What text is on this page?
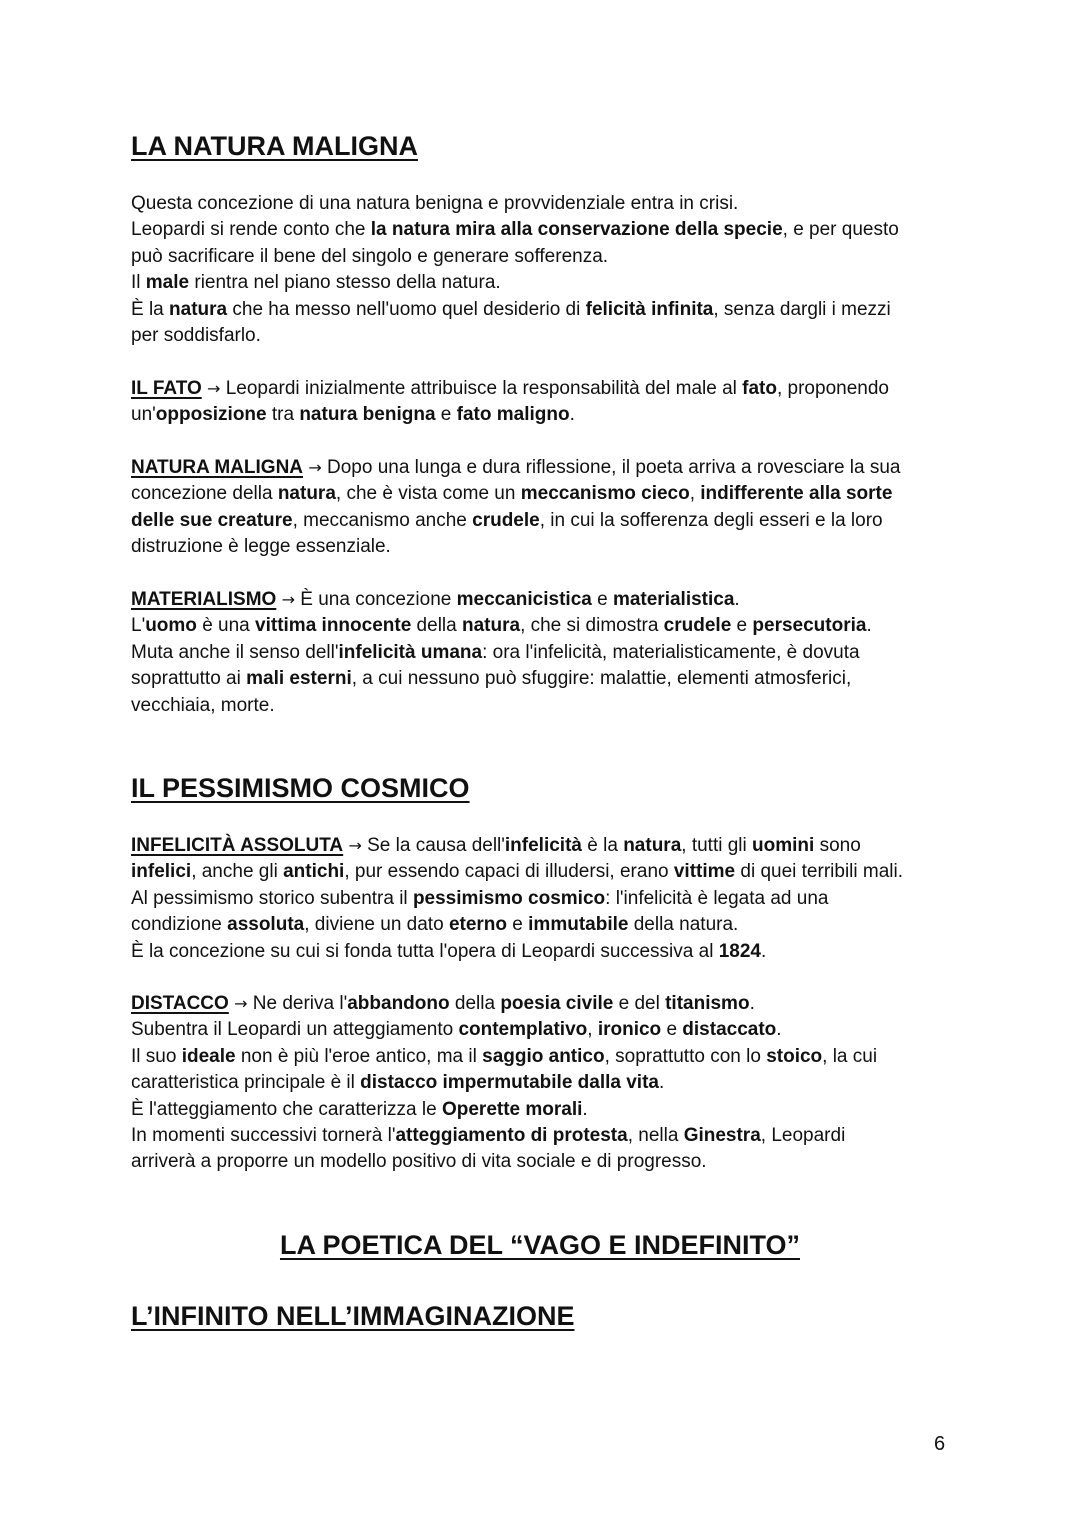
LA NATURA MALIGNA

Questa concezione di una natura benigna e provvidenziale entra in crisi.
Leopardi si rende conto che la natura mira alla conservazione della specie, e per questo
può sacrificare il bene del singolo e generare sofferenza.
Il male rientra nel piano stesso della natura.
È la natura che ha messo nell'uomo quel desiderio di felicità infinita, senza dargli i mezzi
per soddisfarlo.

IL FATO → Leopardi inizialmente attribuisce la responsabilità del male al fato, proponendo
un'opposizione tra natura benigna e fato maligno.

NATURA MALIGNA → Dopo una lunga e dura riflessione, il poeta arriva a rovesciare la sua
concezione della natura, che è vista come un meccanismo cieco, indifferente alla sorte
delle sue creature, meccanismo anche crudele, in cui la sofferenza degli esseri e la loro
distruzione è legge essenziale.

MATERIALISMO → È una concezione meccanicistica e materialistica.
L'uomo è una vittima innocente della natura, che si dimostra crudele e persecutoria.
Muta anche il senso dell'infelicità umana: ora l'infelicità, materialisticamente, è dovuta
soprattutto ai mali esterni, a cui nessuno può sfuggire: malattie, elementi atmosferici,
vecchiaia, morte.

IL PESSIMISMO COSMICO

INFELICITÀ ASSOLUTA → Se la causa dell'infelicità è la natura, tutti gli uomini sono
infelici, anche gli antichi, pur essendo capaci di illudersi, erano vittime di quei terribili mali.
Al pessimismo storico subentra il pessimismo cosmico: l'infelicità è legata ad una
condizione assoluta, diviene un dato eterno e immutabile della natura.
È la concezione su cui si fonda tutta l'opera di Leopardi successiva al 1824.

DISTACCO → Ne deriva l'abbandono della poesia civile e del titanismo.
Subentra il Leopardi un atteggiamento contemplativo, ironico e distaccato.
Il suo ideale non è più l'eroe antico, ma il saggio antico, soprattutto con lo stoico, la cui
caratteristica principale è il distacco impermutabile dalla vita.
È l'atteggiamento che caratterizza le Operette morali.
In momenti successivi tornerà l'atteggiamento di protesta, nella Ginestra, Leopardi
arriverà a proporre un modello positivo di vita sociale e di progresso.

LA POETICA DEL “VAGO E INDEFINITO”
L’INFINITO NELL’IMMAGINAZIONE
6
